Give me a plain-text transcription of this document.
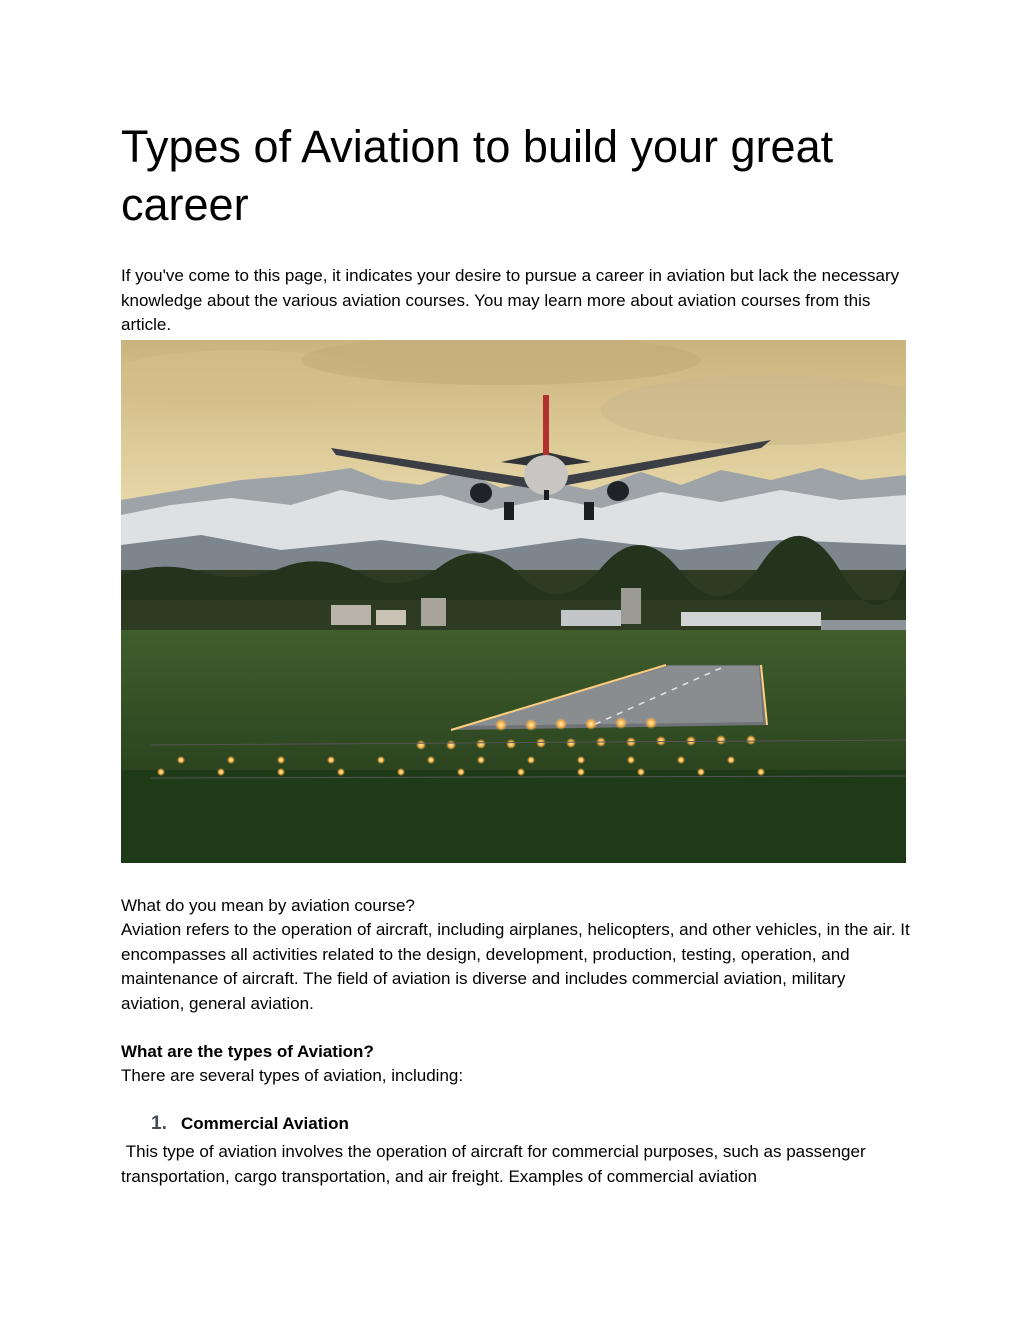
Types of Aviation to build your great career

If you've come to this page, it indicates your desire to pursue a career in aviation but lack the necessary knowledge about the various aviation courses. You may learn more about aviation courses from this article.

What do you mean by aviation course?

Aviation refers to the operation of aircraft, including airplanes, helicopters, and other vehicles, in the air. It encompasses all activities related to the design, development, production, testing, operation, and maintenance of aircraft. The field of aviation is diverse and includes commercial aviation, military aviation, general aviation.

What are the types of Aviation?

There are several types of aviation, including:

1. Commercial Aviation

This type of aviation involves the operation of aircraft for commercial purposes, such as passenger transportation, cargo transportation, and air freight. Examples of commercial aviation
